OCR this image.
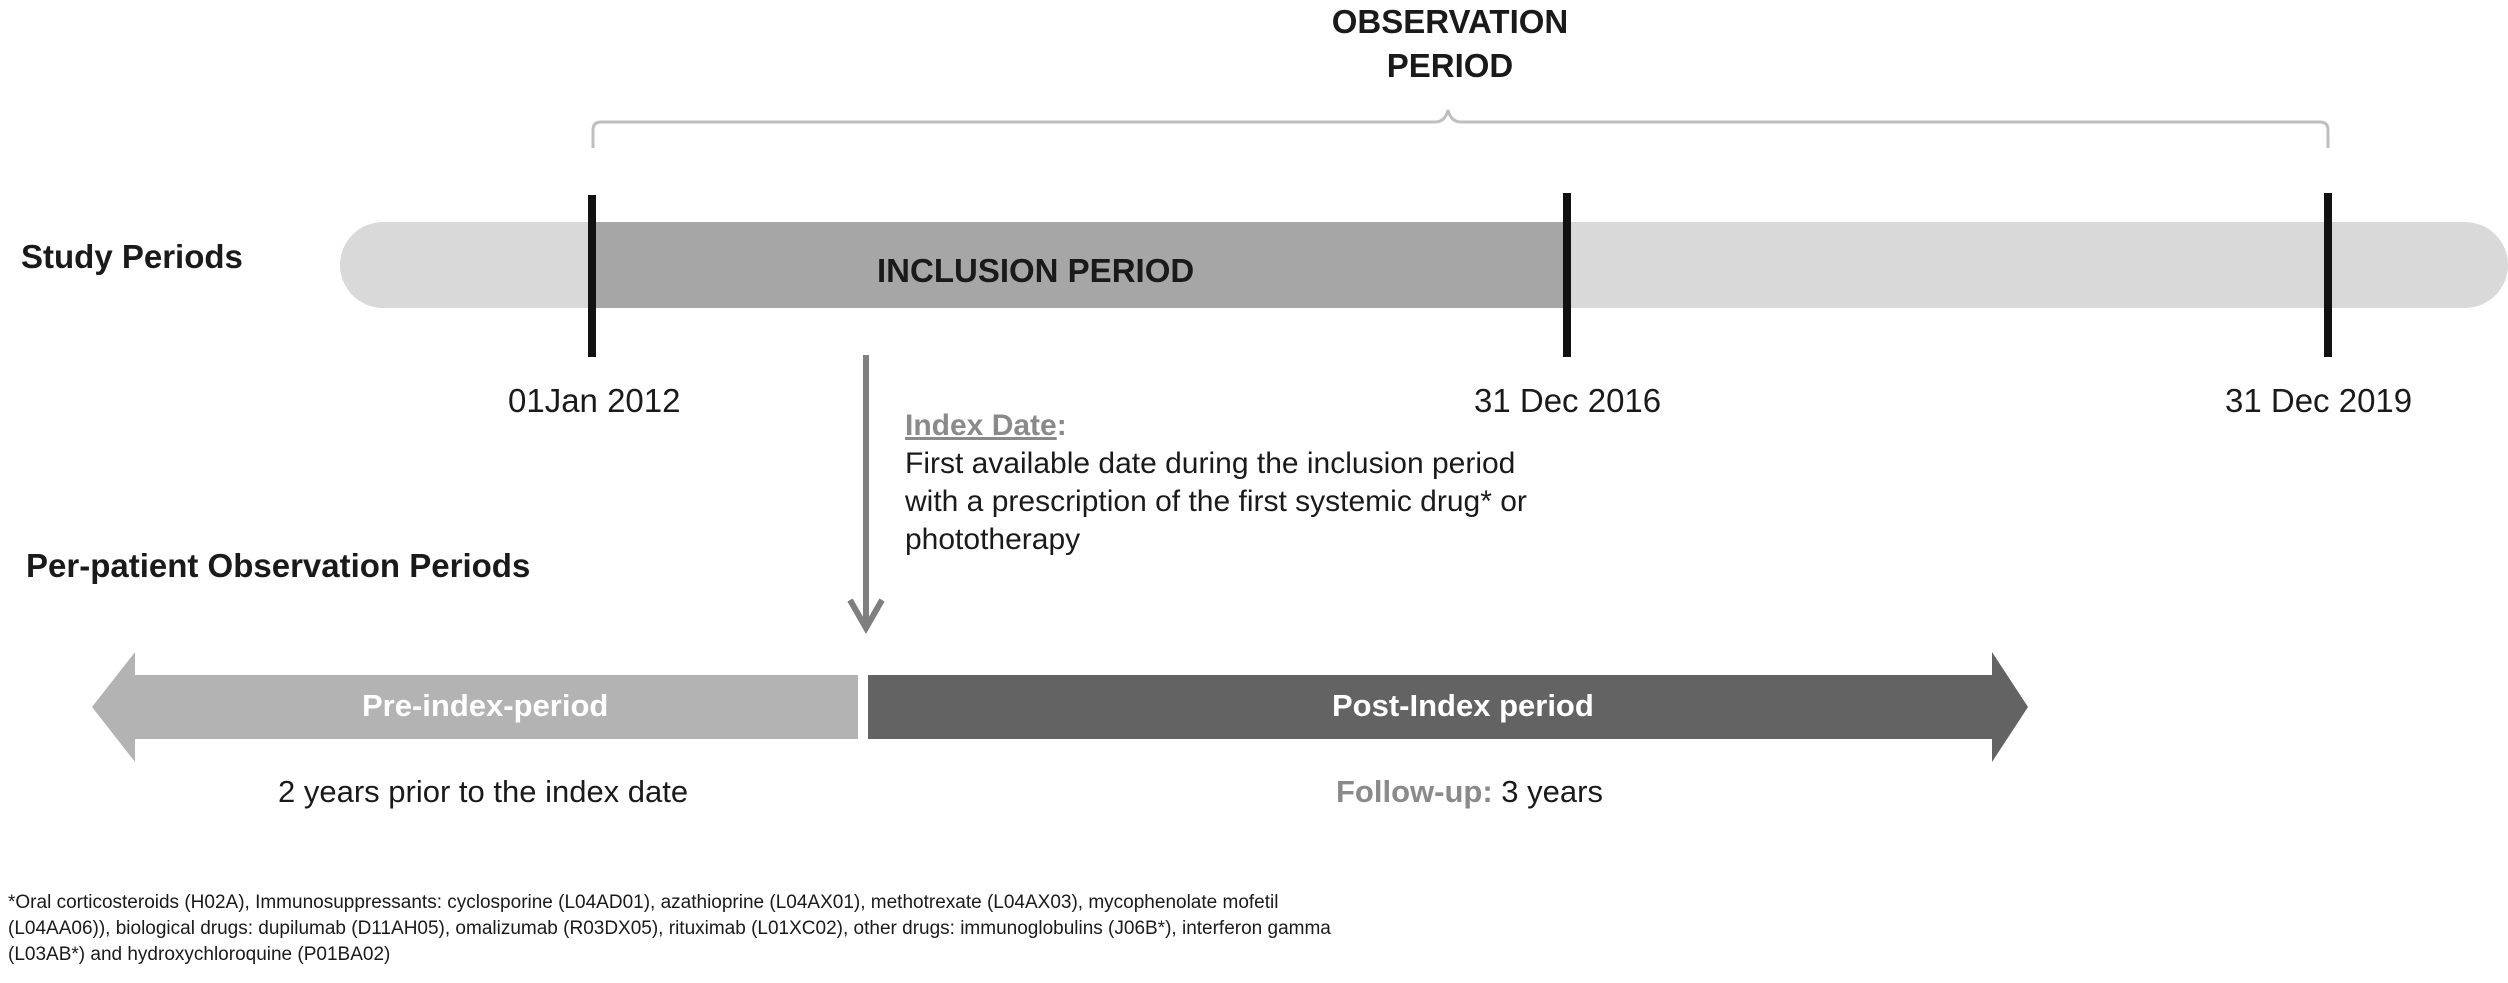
OBSERVATION
PERIOD
Study Periods	INCLUSION PERIOD
01Jan 2012	31 Dec 2016	31 Dec 2019
Index Date:
First available date during the inclusion period with a prescription of the first systemic drug* or phototherapy
Per-patient Observation Periods
Pre-index-period	Post-Index period
2 years prior to the index date	Follow-up: 3 years
*Oral corticosteroids (H02A), Immunosuppressants: cyclosporine (L04AD01), azathioprine (L04AX01), methotrexate (L04AX03), mycophenolate mofetil (L04AA06)), biological drugs: dupilumab (D11AH05), omalizumab (R03DX05), rituximab (L01XC02), other drugs: immunoglobulins (J06B*), interferon gamma (L03AB*) and hydroxychloroquine (P01BA02)
